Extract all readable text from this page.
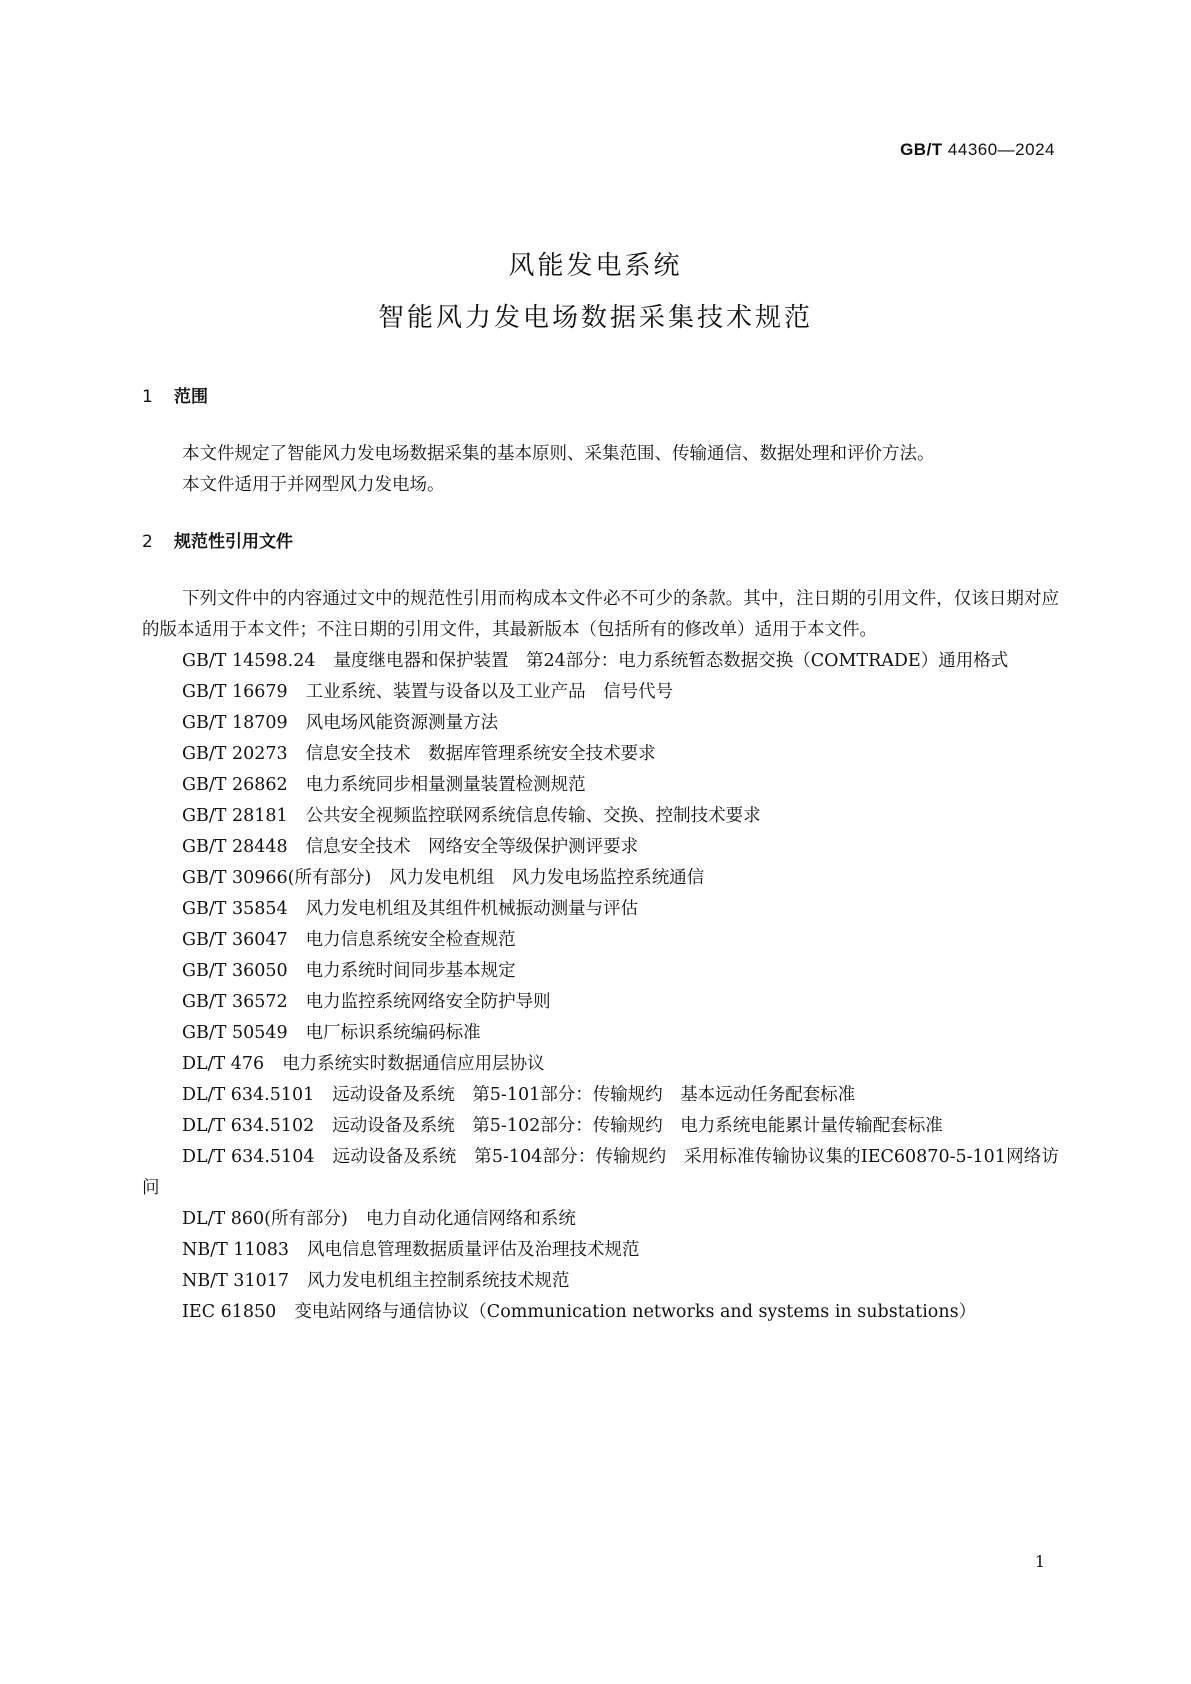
GB/T 44360—2024
风能发电系统
智能风力发电场数据采集技术规范
1 范围

本文件规定了智能风力发电场数据采集的基本原则、采集范围、传输通信、数据处理和评价方法。

本文件适用于并网型风力发电场。

2 规范性引用文件

下列文件中的内容通过文中的规范性引用而构成本文件必不可少的条款。其中，注日期的引用文件，仅该日期对应的版本适用于本文件；不注日期的引用文件，其最新版本（包括所有的修改单）适用于本文件。

GB/T 14598.24 量度继电器和保护装置　第24部分：电力系统暂态数据交换（COMTRADE）通用格式

GB/T 16679 工业系统、装置与设备以及工业产品　信号代号

GB/T 18709 风电场风能资源测量方法

GB/T 20273 信息安全技术　数据库管理系统安全技术要求

GB/T 26862 电力系统同步相量测量装置检测规范

GB/T 28181 公共安全视频监控联网系统信息传输、交换、控制技术要求

GB/T 28448 信息安全技术　网络安全等级保护测评要求

GB/T 30966(所有部分) 风力发电机组　风力发电场监控系统通信

GB/T 35854 风力发电机组及其组件机械振动测量与评估

GB/T 36047 电力信息系统安全检查规范

GB/T 36050 电力系统时间同步基本规定

GB/T 36572 电力监控系统网络安全防护导则

GB/T 50549 电厂标识系统编码标准

DL/T 476 电力系统实时数据通信应用层协议

DL/T 634.5101 远动设备及系统　第5-101部分：传输规约　基本远动任务配套标准

DL/T 634.5102 远动设备及系统　第5-102部分：传输规约　电力系统电能累计量传输配套标准

DL/T 634.5104 远动设备及系统　第5-104部分：传输规约　采用标准传输协议集的IEC60870-5-101网络访问

DL/T 860(所有部分) 电力自动化通信网络和系统

NB/T 11083 风电信息管理数据质量评估及治理技术规范

NB/T 31017 风力发电机组主控制系统技术规范

IEC 61850 变电站网络与通信协议（Communication networks and systems in substations）

1
